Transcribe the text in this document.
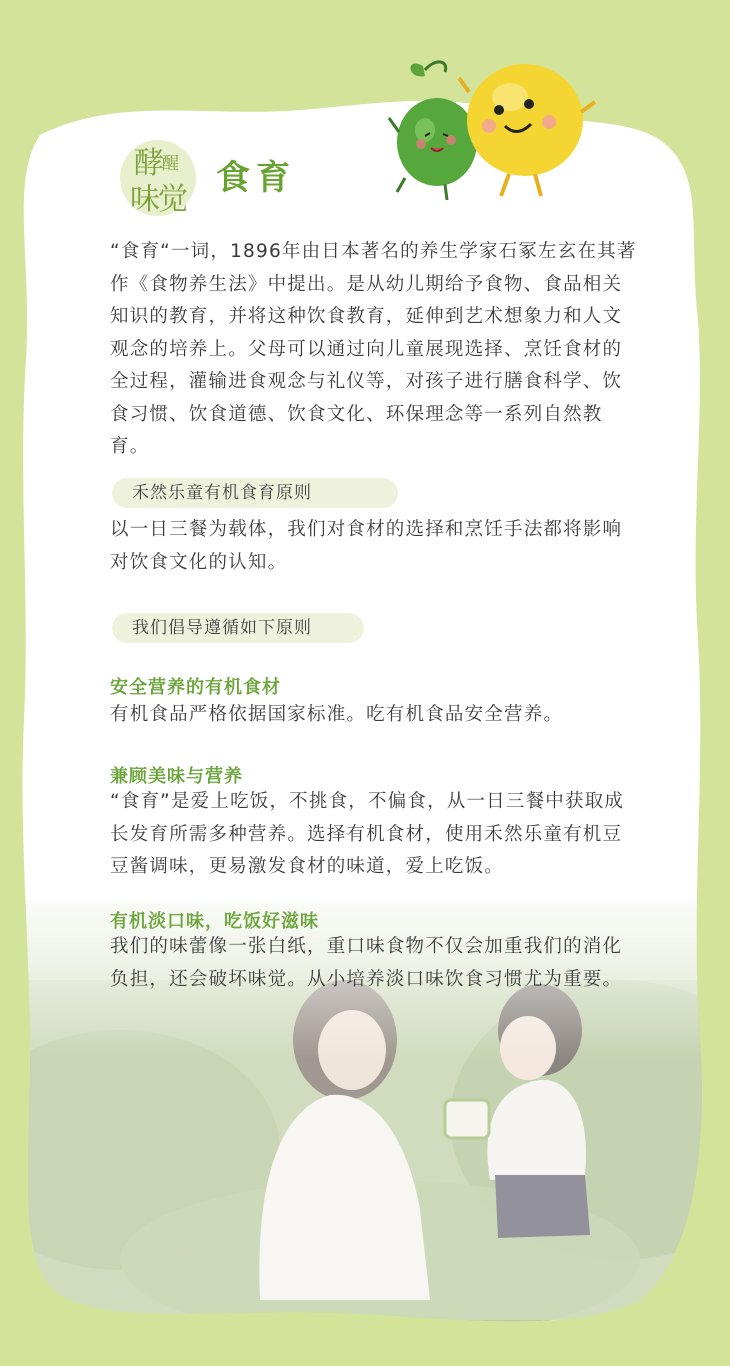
酵醒
味觉
食育

“食育“一词，1896年由日本著名的养生学家石冢左玄在其著作《食物养生法》中提出。是从幼儿期给予食物、食品相关知识的教育，并将这种饮食教育，延伸到艺术想象力和人文观念的培养上。父母可以通过向儿童展现选择、烹饪食材的全过程，灌输进食观念与礼仪等，对孩子进行膳食科学、饮食习惯、饮食道德、饮食文化、环保理念等一系列自然教育。

禾然乐童有机食育原则

以一日三餐为载体，我们对食材的选择和烹饪手法都将影响对饮食文化的认知。

我们倡导遵循如下原则
安全营养的有机食材

有机食品严格依据国家标准。吃有机食品安全营养。

兼顾美味与营养

“食育”是爱上吃饭，不挑食，不偏食，从一日三餐中获取成长发育所需多种营养。选择有机食材，使用禾然乐童有机豆豆酱调味，更易激发食材的味道，爱上吃饭。

有机淡口味，吃饭好滋味

我们的味蕾像一张白纸，重口味食物不仅会加重我们的消化负担，还会破坏味觉。从小培养淡口味饮食习惯尤为重要。
